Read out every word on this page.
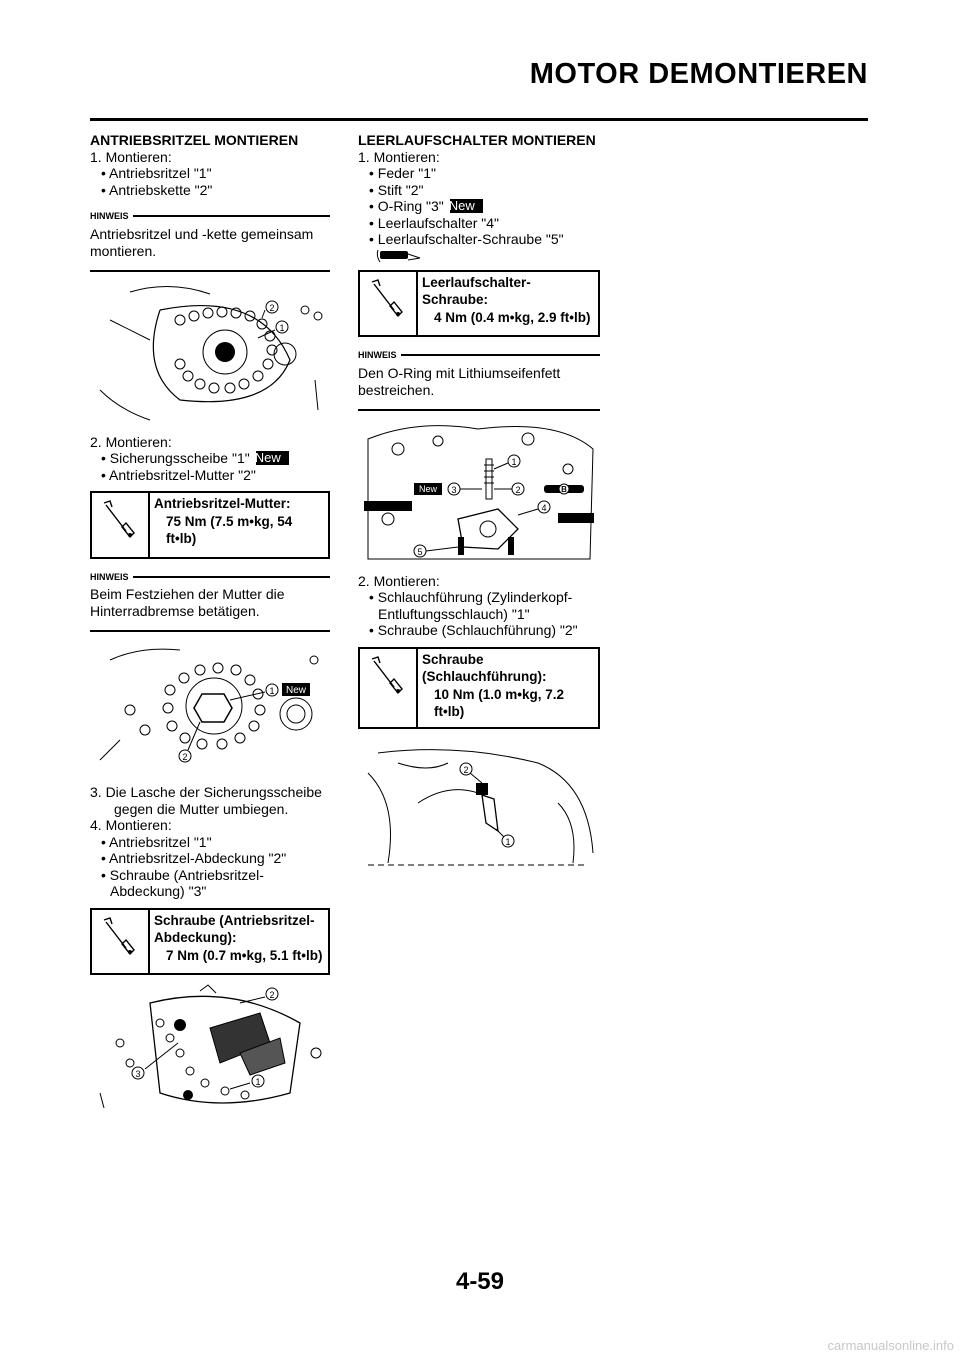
MOTOR DEMONTIEREN
ANTRIEBSRITZEL MONTIEREN
1. Montieren:
• Antriebsritzel "1"
• Antriebskette "2"
HINWEIS
Antriebsritzel und -kette gemeinsam montieren.
2
1
2. Montieren:
• Sicherungsscheibe "1" New
• Antriebsritzel-Mutter "2"
Antriebsritzel-Mutter:
75 Nm (7.5 m•kg, 54 ft•lb)
HINWEIS
Beim Festziehen der Mutter die Hinterradbremse betätigen.
1 New
2
3. Die Lasche der Sicherungsscheibe gegen die Mutter umbiegen.
4. Montieren:
• Antriebsritzel "1"
• Antriebsritzel-Abdeckung "2"
• Schraube (Antriebsritzel-Abdeckung) "3"
Schraube (Antriebsritzel-Abdeckung):
7 Nm (0.7 m•kg, 5.1 ft•lb)
2
1
3
LEERLAUFSCHALTER MONTIEREN
1. Montieren:
• Feder "1"
• Stift "2"
• O-Ring "3" New
• Leerlaufschalter "4"
• Leerlaufschalter-Schraube "5"
Leerlaufschalter-Schraube:
4 Nm (0.4 m•kg, 2.9 ft•lb)
HINWEIS
Den O-Ring mit Lithiumseifenfett bestreichen.
B
1
2
New 3
4
5
2. Montieren:
• Schlauchführung (Zylinderkopf-Entluftungsschlauch) "1"
• Schraube (Schlauchführung) "2"
Schraube (Schlauchführung):
10 Nm (1.0 m•kg, 7.2 ft•lb)
2
1
4-59
carmanualsonline.info
